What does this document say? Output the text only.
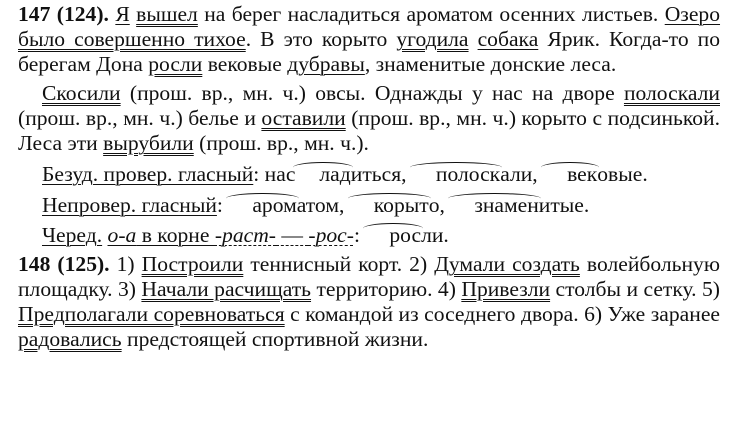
147 (124). Я вышел на берег насладиться ароматом осенних листьев. Озеро было совершенно тихое. В это корыто угодила собака Ярик. Когда-то по берегам Дона росли вековые дубравы, знаменитые донские леса.

Скосили (прош. вр., мн. ч.) овсы. Однажды у нас на дворе полоскали (прош. вр., мн. ч.) белье и оставили (прош. вр., мн. ч.) корыто с подсинькой. Леса эти вырубили (прош. вр., мн. ч.).

Безуд. провер. гласный: нас ладиться, полоскали, вековые.

Непровер. гласный: ароматом, корыто, знаменитые.

Черед. о-а в корне -раст- — -рос-: росли.

148 (125). 1) Построили теннисный корт. 2) Думали создать волейбольную площадку. 3) Начали расчищать территорию. 4) Привезли столбы и сетку. 5) Предполагали соревноваться с командой из соседнего двора. 6) Уже заранее радовались предстоящей спортивной жизни.
